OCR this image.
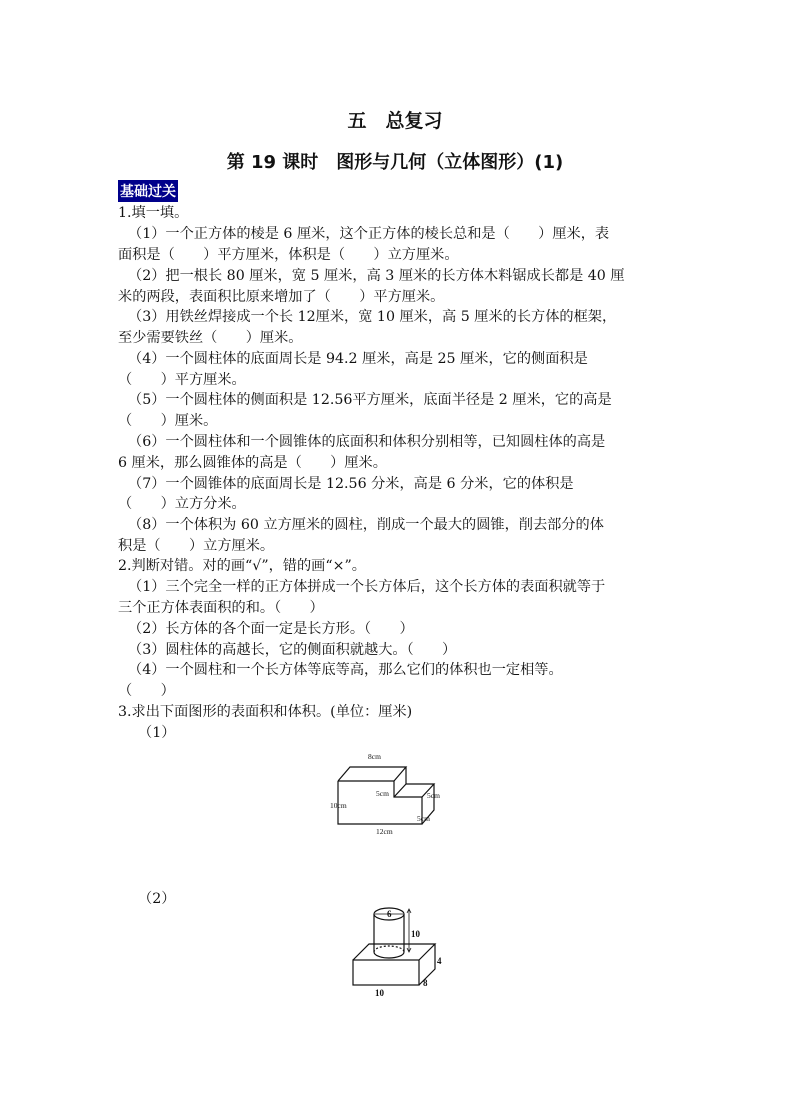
五　总复习
第 19 课时　图形与几何（立体图形）(1)
基础过关
1.填一填。
（1）一个正方体的棱是 6 厘米，这个正方体的棱长总和是（　　）厘米，表
面积是（　　）平方厘米，体积是（　　）立方厘米。
（2）把一根长 80 厘米，宽 5 厘米，高 3 厘米的长方体木料锯成长都是 40 厘
米的两段，表面积比原来增加了（　　）平方厘米。
（3）用铁丝焊接成一个长 12厘米，宽 10 厘米，高 5 厘米的长方体的框架，
至少需要铁丝（　　）厘米。
（4）一个圆柱体的底面周长是 94.2 厘米，高是 25 厘米，它的侧面积是
（　　）平方厘米。
（5）一个圆柱体的侧面积是 12.56平方厘米，底面半径是 2 厘米，它的高是
（　　）厘米。
（6）一个圆柱体和一个圆锥体的底面积和体积分别相等，已知圆柱体的高是
6 厘米，那么圆锥体的高是（　　）厘米。
（7）一个圆锥体的底面周长是 12.56 分米，高是 6 分米，它的体积是
（　　）立方分米。
（8）一个体积为 60 立方厘米的圆柱，削成一个最大的圆锥，削去部分的体
积是（　　）立方厘米。
2.判断对错。对的画“√”，错的画“×”。
（1）三个完全一样的正方体拼成一个长方体后，这个长方体的表面积就等于
三个正方体表面积的和。（　　）
（2）长方体的各个面一定是长方形。（　　）
（3）圆柱体的高越长，它的侧面积就越大。（　　）
（4）一个圆柱和一个长方体等底等高，那么它们的体积也一定相等。
（　　）
3.求出下面图形的表面积和体积。(单位：厘米)
（1）
8cm
5cm	5cm
10cm
5cm
12cm
（2）
6
10
4
10
8
